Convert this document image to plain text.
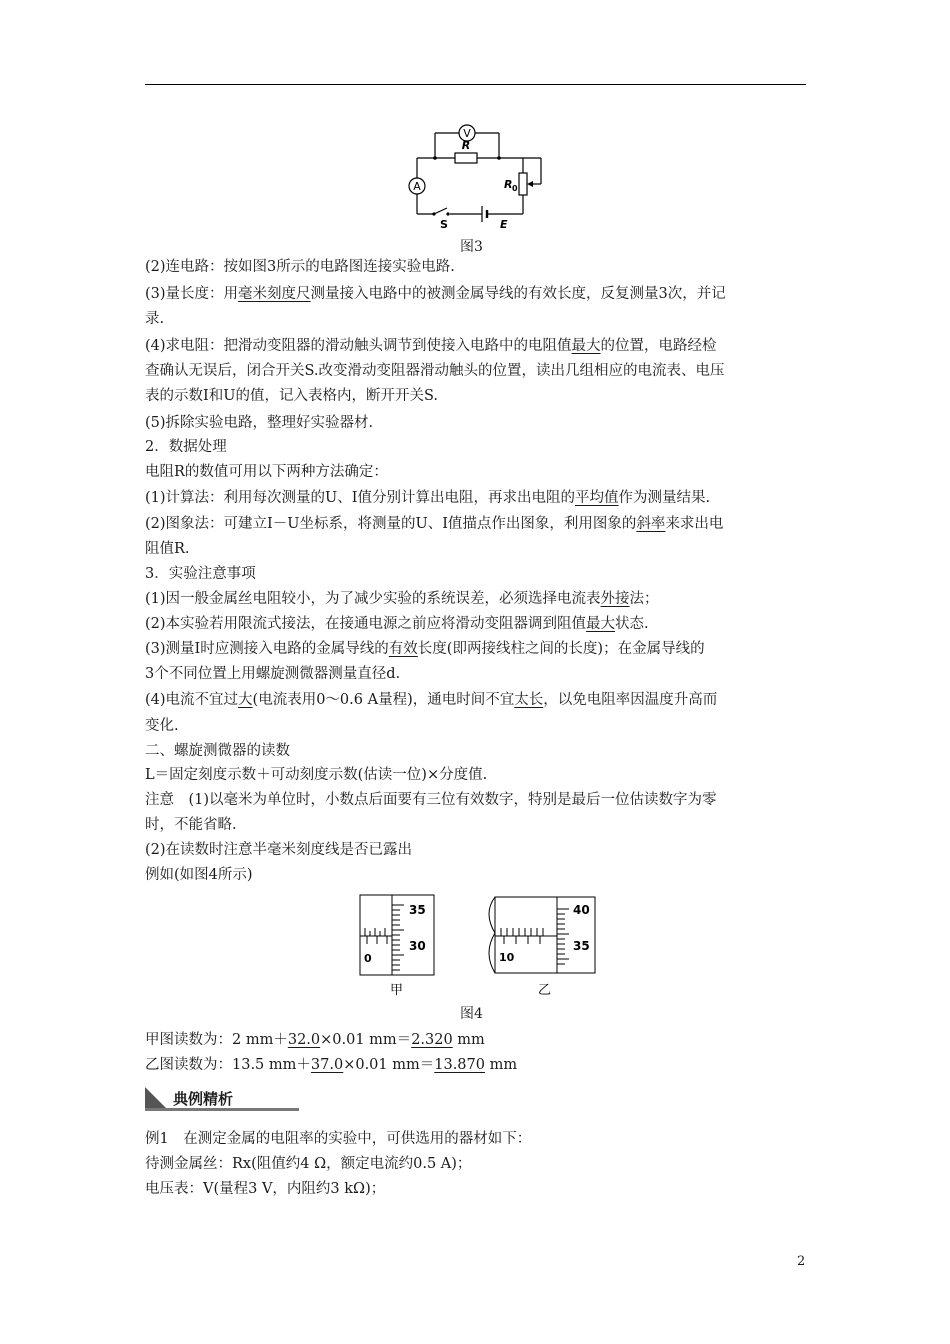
V
A
R
R 0
S	E
图3
(2)连电路：按如图3所示的电路图连接实验电路.
(3)量长度：用毫米刻度尺测量接入电路中的被测金属导线的有效长度，反复测量3次，并记
录.
(4)求电阻：把滑动变阻器的滑动触头调节到使接入电路中的电阻值最大的位置，电路经检
查确认无误后，闭合开关S.改变滑动变阻器滑动触头的位置，读出几组相应的电流表、电压
表的示数I和U的值，记入表格内，断开开关S.
(5)拆除实验电路，整理好实验器材.
2．数据处理
电阻R的数值可用以下两种方法确定：
(1)计算法：利用每次测量的U、I值分别计算出电阻，再求出电阻的平均值作为测量结果.
(2)图象法：可建立I－U坐标系，将测量的U、I值描点作出图象，利用图象的斜率来求出电
阻值R.
3．实验注意事项
(1)因一般金属丝电阻较小，为了减少实验的系统误差，必须选择电流表外接法；
(2)本实验若用限流式接法，在接通电源之前应将滑动变阻器调到阻值最大状态.
(3)测量I时应测接入电路的金属导线的有效长度(即两接线柱之间的长度)；在金属导线的
3个不同位置上用螺旋测微器测量直径d.
(4)电流不宜过大(电流表用0～0.6 A量程)，通电时间不宜太长，以免电阻率因温度升高而
变化.
二、螺旋测微器的读数
L＝固定刻度示数＋可动刻度示数(估读一位)×分度值.
注意　(1)以毫米为单位时，小数点后面要有三位有效数字，特别是最后一位估读数字为零
时，不能省略.
(2)在读数时注意半毫米刻度线是否已露出
例如(如图4所示)
0
35
30
10
40
35
甲	乙
图4
甲图读数为：2 mm＋32.0×0.01 mm＝2.320 mm
乙图读数为：13.5 mm＋37.0×0.01 mm＝13.870 mm
典例精析
例1　在测定金属的电阻率的实验中，可供选用的器材如下：
待测金属丝：Rx(阻值约4 Ω，额定电流约0.5 A)；
电压表：V(量程3 V，内阻约3 kΩ)；
2
